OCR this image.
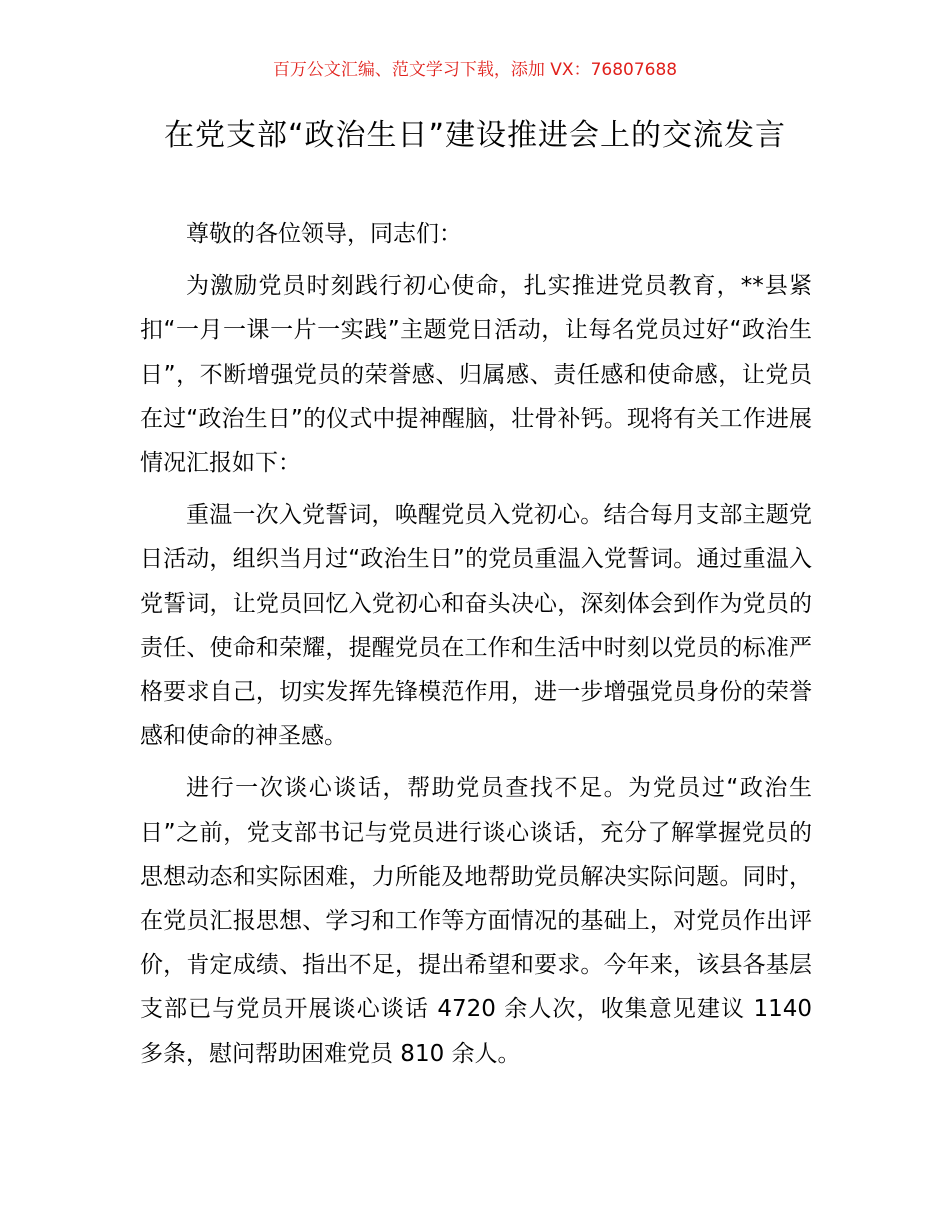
百万公文汇编、范文学习下载，添加 VX：76807688
在党支部“政治生日”建设推进会上的交流发言

尊敬的各位领导，同志们：

为激励党员时刻践行初心使命，扎实推进党员教育，**县紧扣“一月一课一片一实践”主题党日活动，让每名党员过好“政治生日”，不断增强党员的荣誉感、归属感、责任感和使命感，让党员在过“政治生日”的仪式中提神醒脑，壮骨补钙。现将有关工作进展情况汇报如下：

重温一次入党誓词，唤醒党员入党初心。结合每月支部主题党日活动，组织当月过“政治生日”的党员重温入党誓词。通过重温入党誓词，让党员回忆入党初心和奋头决心，深刻体会到作为党员的责任、使命和荣耀，提醒党员在工作和生活中时刻以党员的标准严格要求自己，切实发挥先锋模范作用，进一步增强党员身份的荣誉感和使命的神圣感。

进行一次谈心谈话，帮助党员查找不足。为党员过“政治生日”之前，党支部书记与党员进行谈心谈话，充分了解掌握党员的思想动态和实际困难，力所能及地帮助党员解决实际问题。同时，在党员汇报思想、学习和工作等方面情况的基础上，对党员作出评价，肯定成绩、指出不足，提出希望和要求。今年来，该县各基层支部已与党员开展谈心谈话 4720 余人次，收集意见建议 1140 多条，慰问帮助困难党员 810 余人。
